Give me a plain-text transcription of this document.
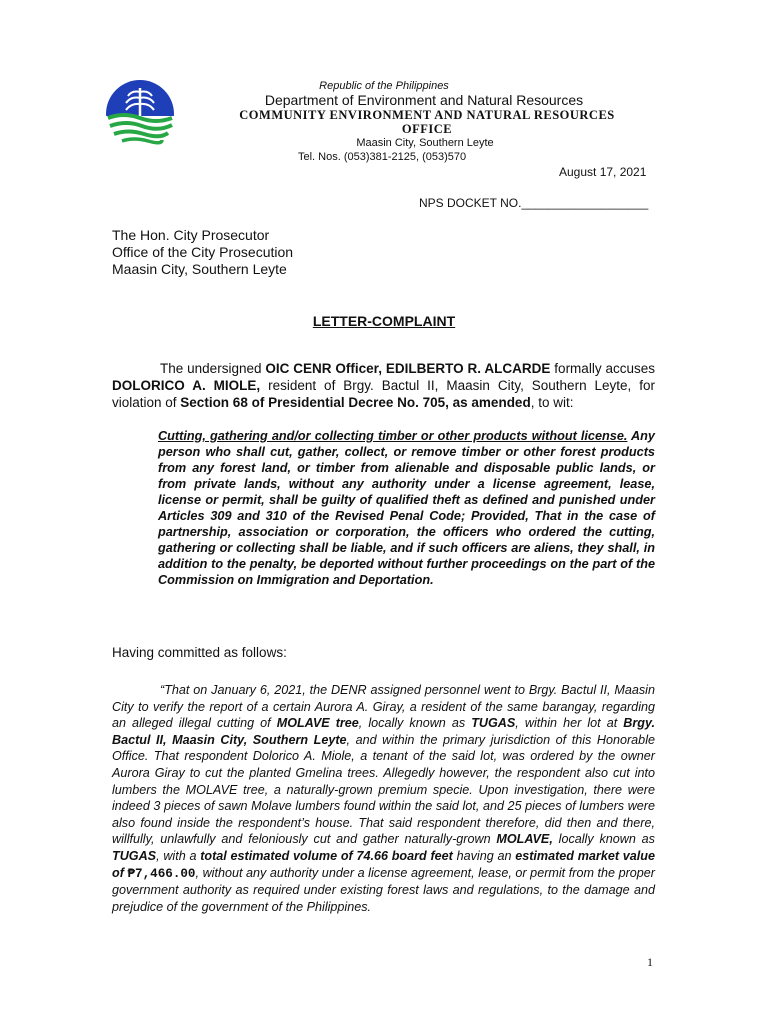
Republic of the Philippines
Department of Environment and Natural Resources
COMMUNITY ENVIRONMENT AND NATURAL RESOURCES OFFICE
Maasin City, Southern Leyte
Tel. Nos. (053)381-2125, (053)570
August 17, 2021
NPS DOCKET NO.___________________
The Hon. City Prosecutor
Office of the City Prosecution
Maasin City, Southern Leyte
LETTER-COMPLAINT
The undersigned OIC CENR Officer, EDILBERTO R. ALCARDE formally accuses DOLORICO A. MIOLE, resident of Brgy. Bactul II, Maasin City, Southern Leyte, for violation of Section 68 of Presidential Decree No. 705, as amended, to wit:
Cutting, gathering and/or collecting timber or other products without license. Any person who shall cut, gather, collect, or remove timber or other forest products from any forest land, or timber from alienable and disposable public lands, or from private lands, without any authority under a license agreement, lease, license or permit, shall be guilty of qualified theft as defined and punished under Articles 309 and 310 of the Revised Penal Code; Provided, That in the case of partnership, association or corporation, the officers who ordered the cutting, gathering or collecting shall be liable, and if such officers are aliens, they shall, in addition to the penalty, be deported without further proceedings on the part of the Commission on Immigration and Deportation.
Having committed as follows:
“That on January 6, 2021, the DENR assigned personnel went to Brgy. Bactul II, Maasin City to verify the report of a certain Aurora A. Giray, a resident of the same barangay, regarding an alleged illegal cutting of MOLAVE tree, locally known as TUGAS, within her lot at Brgy. Bactul II, Maasin City, Southern Leyte, and within the primary jurisdiction of this Honorable Office. That respondent Dolorico A. Miole, a tenant of the said lot, was ordered by the owner Aurora Giray to cut the planted Gmelina trees. Allegedly however, the respondent also cut into lumbers the MOLAVE tree, a naturally-grown premium specie. Upon investigation, there were indeed 3 pieces of sawn Molave lumbers found within the said lot, and 25 pieces of lumbers were also found inside the respondent’s house. That said respondent therefore, did then and there, willfully, unlawfully and feloniously cut and gather naturally-grown MOLAVE, locally known as TUGAS, with a total estimated volume of 74.66 board feet having an estimated market value of ₱7,466.00, without any authority under a license agreement, lease, or permit from the proper government authority as required under existing forest laws and regulations, to the damage and prejudice of the government of the Philippines.
1
